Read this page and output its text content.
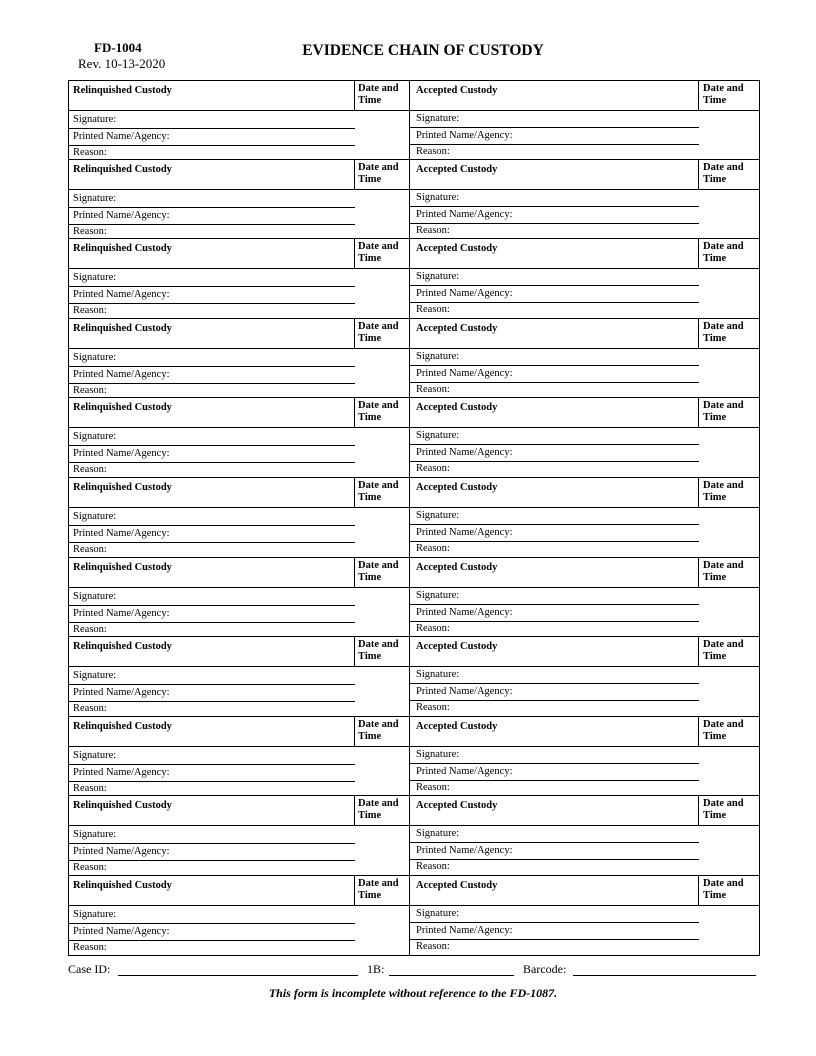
FD-1004
Rev. 10-13-2020
EVIDENCE CHAIN OF CUSTODY
Relinquished Custody	Date and Time
Accepted Custody	Date and Time
Signature:
Printed Name/Agency:
Reason:
Signature:
Printed Name/Agency:
Reason:
Relinquished Custody	Date and Time
Accepted Custody	Date and Time
Signature:
Printed Name/Agency:
Reason:
Signature:
Printed Name/Agency:
Reason:
Relinquished Custody	Date and Time
Accepted Custody	Date and Time
Signature:
Printed Name/Agency:
Reason:
Signature:
Printed Name/Agency:
Reason:
Relinquished Custody	Date and Time
Accepted Custody	Date and Time
Signature:
Printed Name/Agency:
Reason:
Signature:
Printed Name/Agency:
Reason:
Relinquished Custody	Date and Time
Accepted Custody	Date and Time
Signature:
Printed Name/Agency:
Reason:
Signature:
Printed Name/Agency:
Reason:
Relinquished Custody	Date and Time
Accepted Custody	Date and Time
Signature:
Printed Name/Agency:
Reason:
Signature:
Printed Name/Agency:
Reason:
Relinquished Custody	Date and Time
Accepted Custody	Date and Time
Signature:
Printed Name/Agency:
Reason:
Signature:
Printed Name/Agency:
Reason:
Relinquished Custody	Date and Time
Accepted Custody	Date and Time
Signature:
Printed Name/Agency:
Reason:
Signature:
Printed Name/Agency:
Reason:
Relinquished Custody	Date and Time
Accepted Custody	Date and Time
Signature:
Printed Name/Agency:
Reason:
Signature:
Printed Name/Agency:
Reason:
Relinquished Custody	Date and Time
Accepted Custody	Date and Time
Signature:
Printed Name/Agency:
Reason:
Signature:
Printed Name/Agency:
Reason:
Relinquished Custody	Date and Time
Accepted Custody	Date and Time
Signature:
Printed Name/Agency:
Reason:
Signature:
Printed Name/Agency:
Reason:
Case ID:	1B:	Barcode:
This form is incomplete without reference to the FD-1087.
